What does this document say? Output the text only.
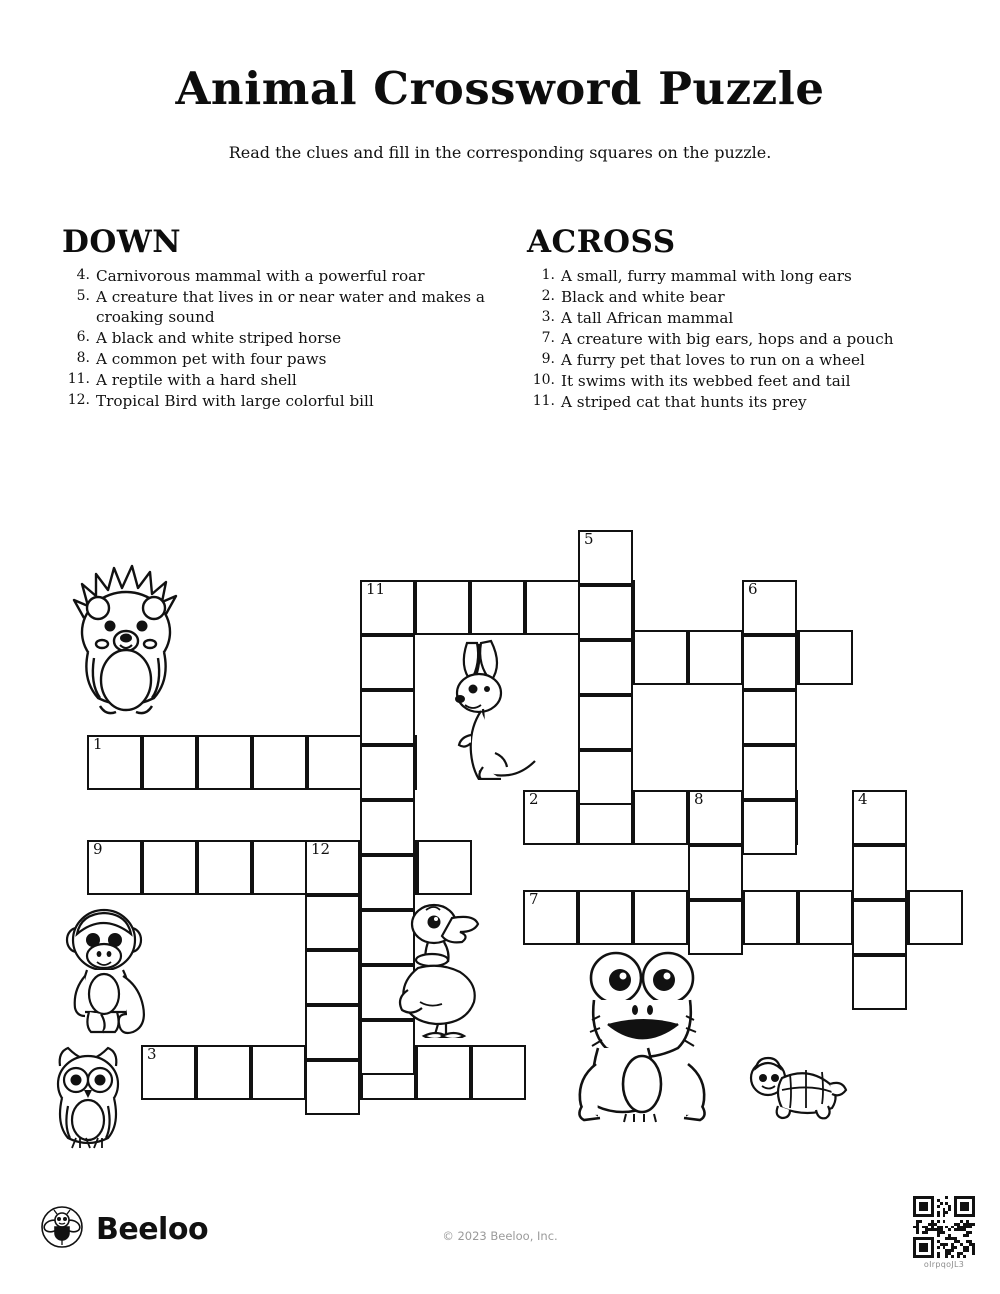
Animal Crossword Puzzle
Read the clues and fill in the corresponding squares on the puzzle.
DOWN
4. Carnivorous mammal with a powerful roar
5. A creature that lives in or near water and makes a croaking sound
6. A black and white striped horse
8. A common pet with four paws
11. A reptile with a hard shell
12. Tropical Bird with large colorful bill
ACROSS
1. A small, furry mammal with long ears
2. Black and white bear
3. A tall African mammal
7. A creature with big ears, hops and a pouch
9. A furry pet that loves to run on a wheel
10. It swims with its webbed feet and tail
11. A striped cat that hunts its prey
1
2	8
3
7
9
11
4
5
6
12
Beeloo	© 2023 Beeloo, Inc.
oIrpqoJL3
